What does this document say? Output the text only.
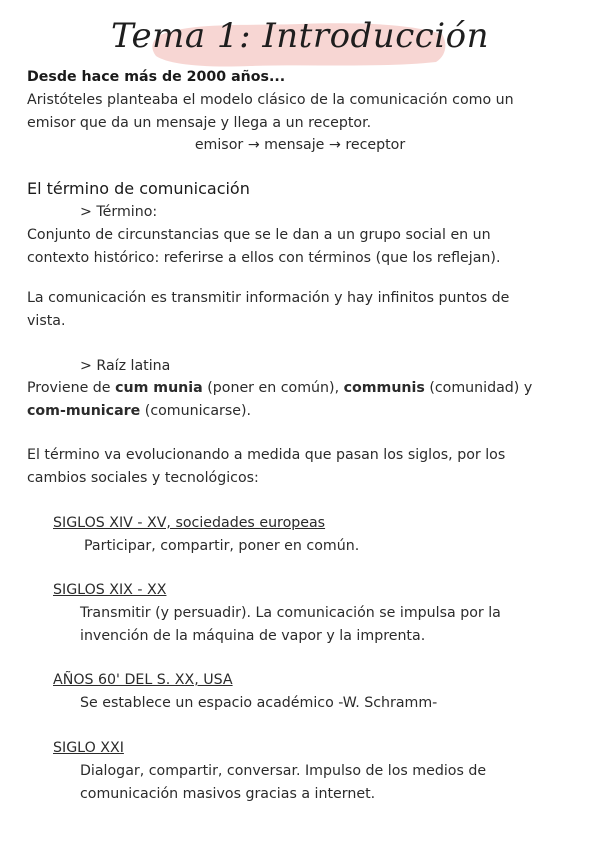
Tema 1: Introducción
Desde hace más de 2000 años...
Aristóteles planteaba el modelo clásico de la comunicación como un
emisor que da un mensaje y llega a un receptor.
emisor → mensaje → receptor
El término de comunicación
> Término:
Conjunto de circunstancias que se le dan a un grupo social en un
contexto histórico: referirse a ellos con términos (que los reflejan).
La comunicación es transmitir información y hay infinitos puntos de
vista.
> Raíz latina
Proviene de cum munia (poner en común), communis (comunidad) y
com-municare (comunicarse).
El término va evolucionando a medida que pasan los siglos, por los
cambios sociales y tecnológicos:
SIGLOS XIV - XV, sociedades europeas
Participar, compartir, poner en común.
SIGLOS XIX - XX
Transmitir (y persuadir). La comunicación se impulsa por la
invención de la máquina de vapor y la imprenta.
AÑOS 60' DEL S. XX, USA
Se establece un espacio académico -W. Schramm-
SIGLO XXI
Dialogar, compartir, conversar. Impulso de los medios de
comunicación masivos gracias a internet.
